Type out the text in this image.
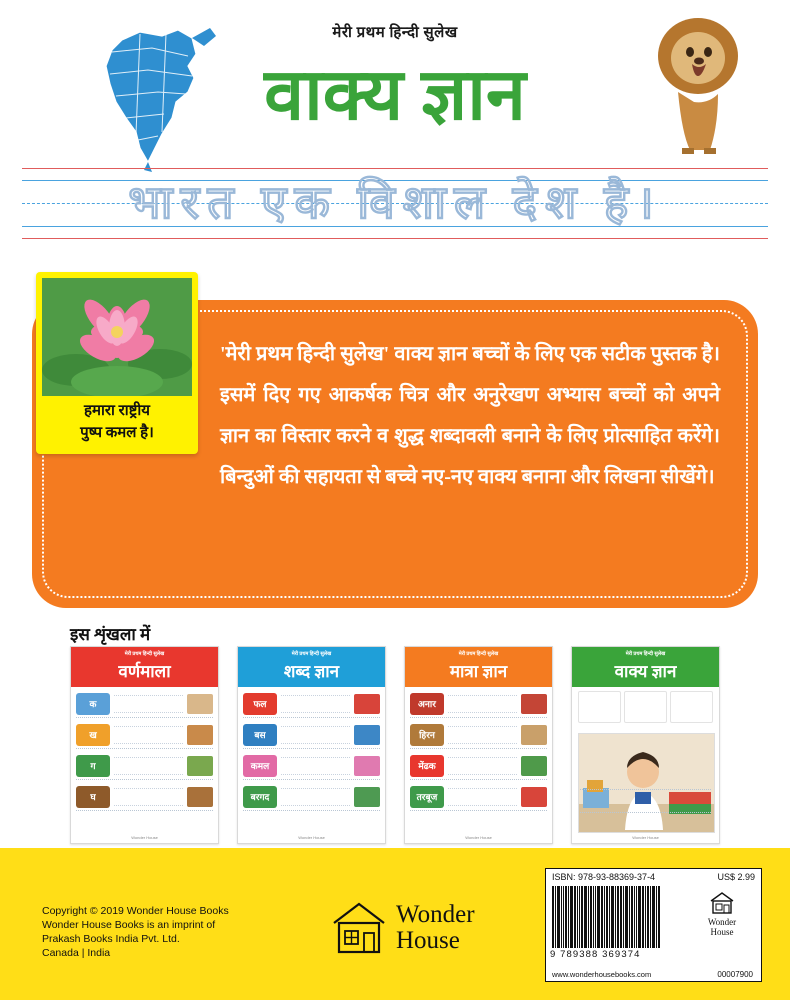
मेरी प्रथम हिन्दी सुलेख
वाक्य ज्ञान
भारत एक विशाल देश है।
'मेरी प्रथम हिन्दी सुलेख' वाक्य ज्ञान बच्चों के लिए एक सटीक पुस्तक है। इसमें दिए गए आकर्षक चित्र और अनुरेखण अभ्यास बच्चों को अपने ज्ञान का विस्तार करने व शुद्ध शब्दावली बनाने के लिए प्रोत्साहित करेंगे। बिन्दुओं की सहायता से बच्चे नए-नए वाक्य बनाना और लिखना सीखेंगे।
हमारा राष्ट्रीय
पुष्प कमल है।
इस शृंखला में
मेरी प्रथम हिन्दी सुलेख
वर्णमाला
क
ख
ग
घ
Wonder House
मेरी प्रथम हिन्दी सुलेख
शब्द ज्ञान
फल
बस
कमल
बरगद
Wonder House
मेरी प्रथम हिन्दी सुलेख
मात्रा ज्ञान
अनार
हिरन
मेंढक
तरबूज
Wonder House
मेरी प्रथम हिन्दी सुलेख
वाक्य ज्ञान
Wonder House
Copyright © 2019 Wonder House Books
Wonder House Books is an imprint of
Prakash Books India Pvt. Ltd.
Canada | India
Wonder
House
ISBN: 978-93-88369-37-4	US$ 2.99
9 789388 369374
www.wonderhousebooks.com
Wonder
House
00007900
